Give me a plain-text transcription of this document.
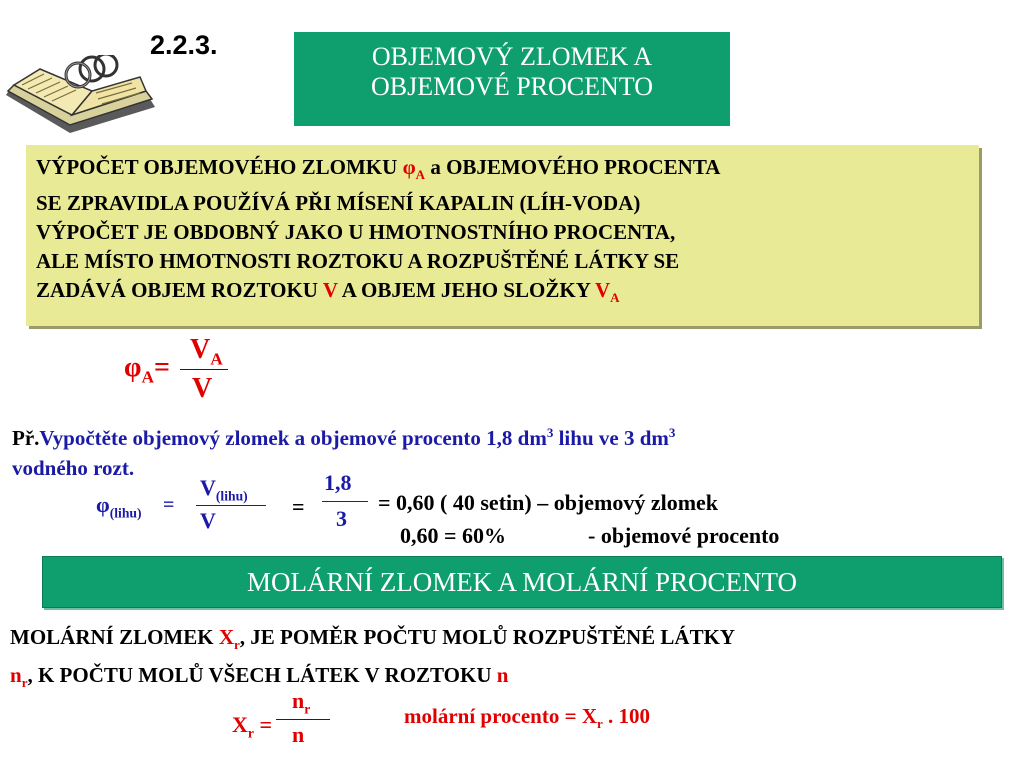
2.2.3.	OBJEMOVÝ ZLOMEK A
OBJEMOVÉ PROCENTO
VÝPOČET OBJEMOVÉHO ZLOMKU $\varphi_A$ a OBJEMOVÉHO PROCENTA
SE ZPRAVIDLA POUŽÍVÁ PŘI MÍSENÍ KAPALIN (LÍH-VODA)
VÝPOČET JE OBDOBNÝ JAKO U HMOTNOSTNÍHO PROCENTA,
ALE MÍSTO HMOTNOSTI ROZTOKU A ROZPUŠTĚNÉ LÁTKY SE
ZADÁVÁ OBJEM ROZTOKU V A OBJEM JEHO SLOŽKY $V_A$
$\varphi_A=$
$V_A$
V
Př.Vypočtěte objemový zlomek a objemové procento 1,8 $dm^3$ lihu ve 3 $dm^3$
vodného rozt.
$\varphi_{(lihu)}$ =
$V_{(lihu)}$
V
=
1,8
3
= 0,60 ( 40 setin) – objemový zlomek
0,60 = 60%	- objemové procento
MOLÁRNÍ ZLOMEK A MOLÁRNÍ PROCENTO
MOLÁRNÍ ZLOMEK $X_r$, JE POMĚR POČTU MOLŮ ROZPUŠTĚNÉ LÁTKY
$n_r$, K POČTU MOLŮ VŠECH LÁTEK V ROZTOKU n
$X_r$ =
$n_r$
n
molární procento = $X_r$ . 100
